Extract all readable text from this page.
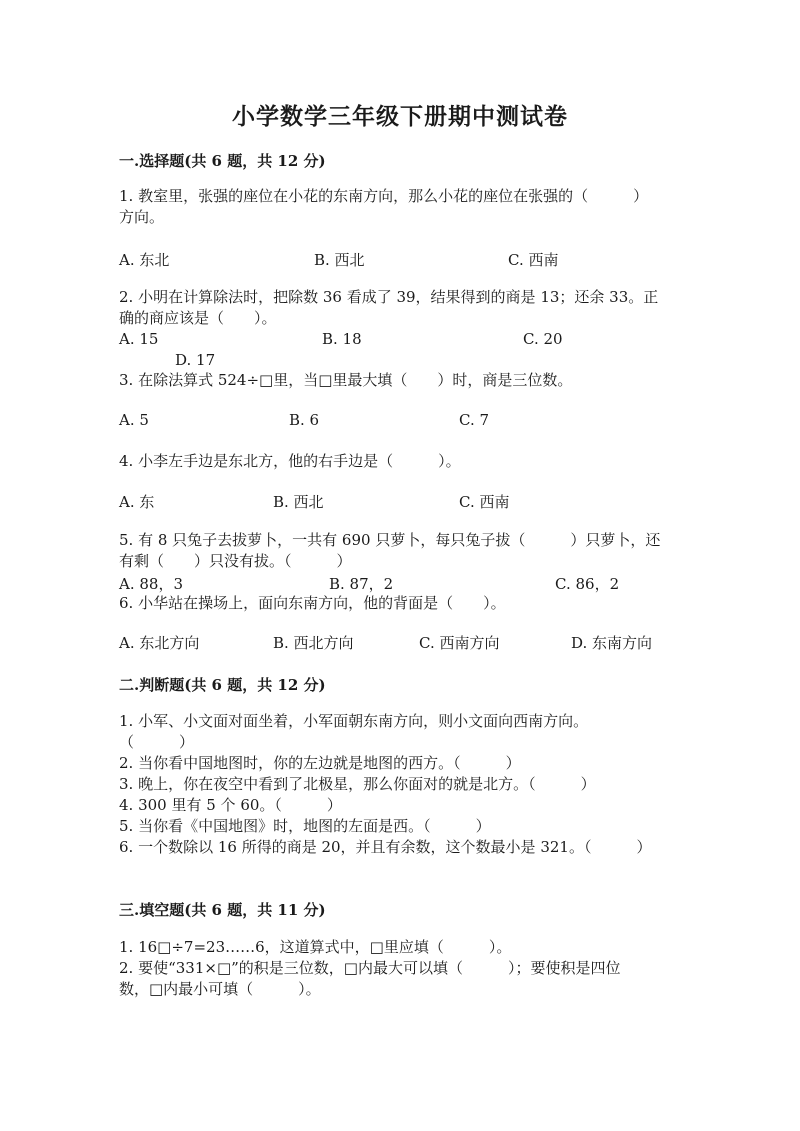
小学数学三年级下册期中测试卷
一.选择题(共 6 题，共 12 分)
1. 教室里，张强的座位在小花的东南方向，那么小花的座位在张强的（　　　）
方向。
A. 东北	B. 西北	C. 西南
2. 小明在计算除法时，把除数 36 看成了 39，结果得到的商是 13；还余 33。正
确的商应该是（　　）。
A. 15	B. 18	C. 20
D. 17
3. 在除法算式 524÷□里，当□里最大填（　　）时，商是三位数。
A. 5	B. 6	C. 7
4. 小李左手边是东北方，他的右手边是（　　　）。
A. 东	B. 西北	C. 西南
5. 有 8 只兔子去拔萝卜，一共有 690 只萝卜，每只兔子拔（　　　）只萝卜，还
有剩（　　）只没有拔。（　　　）
A. 88，3	B. 87，2	C. 86，2
6. 小华站在操场上，面向东南方向，他的背面是（　　）。
A. 东北方向	B. 西北方向	C. 西南方向	D. 东南方向
二.判断题(共 6 题，共 12 分)
1. 小军、小文面对面坐着，小军面朝东南方向，则小文面向西南方向。
（　　　）
2. 当你看中国地图时，你的左边就是地图的西方。（　　　）
3. 晚上，你在夜空中看到了北极星，那么你面对的就是北方。（　　　）
4. 300 里有 5 个 60。（　　　）
5. 当你看《中国地图》时，地图的左面是西。（　　　）
6. 一个数除以 16 所得的商是 20，并且有余数，这个数最小是 321。（　　　）
三.填空题(共 6 题，共 11 分)
1. 16□÷7=23……6，这道算式中，□里应填（　　　）。
2. 要使“331×□”的积是三位数，□内最大可以填（　　　）；要使积是四位
数，□内最小可填（　　　）。
